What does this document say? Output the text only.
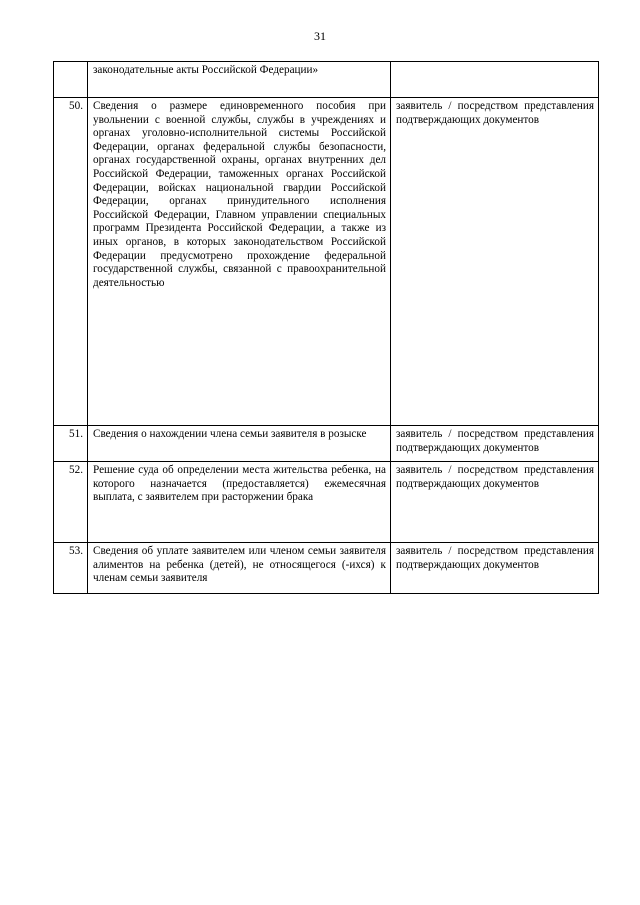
31
	законодательные акты Российской Федерации»	
50.	Сведения о размере единовременного пособия при увольнении с военной службы, службы в учреждениях и органах уголовно-исполнительной системы Российской Федерации, органах федеральной службы безопасности, органах государственной охраны, органах внутренних дел Российской Федерации, таможенных органах Российской Федерации, войсках национальной гвардии Российской Федерации, органах принудительного исполнения Российской Федерации, Главном управлении специальных программ Президента Российской Федерации, а также из иных органов, в которых законодательством Российской Федерации предусмотрено прохождение федеральной государственной службы, связанной с правоохранительной деятельностью	заявитель / посредством представления подтверждающих документов
51.	Сведения о нахождении члена семьи заявителя в розыске	заявитель / посредством представления подтверждающих документов
52.	Решение суда об определении места жительства ребенка, на которого назначается (предоставляется) ежемесячная выплата, с заявителем при расторжении брака	заявитель / посредством представления подтверждающих документов
53.	Сведения об уплате заявителем или членом семьи заявителя алиментов на ребенка (детей), не относящегося (-ихся) к членам семьи заявителя	заявитель / посредством представления подтверждающих документов
